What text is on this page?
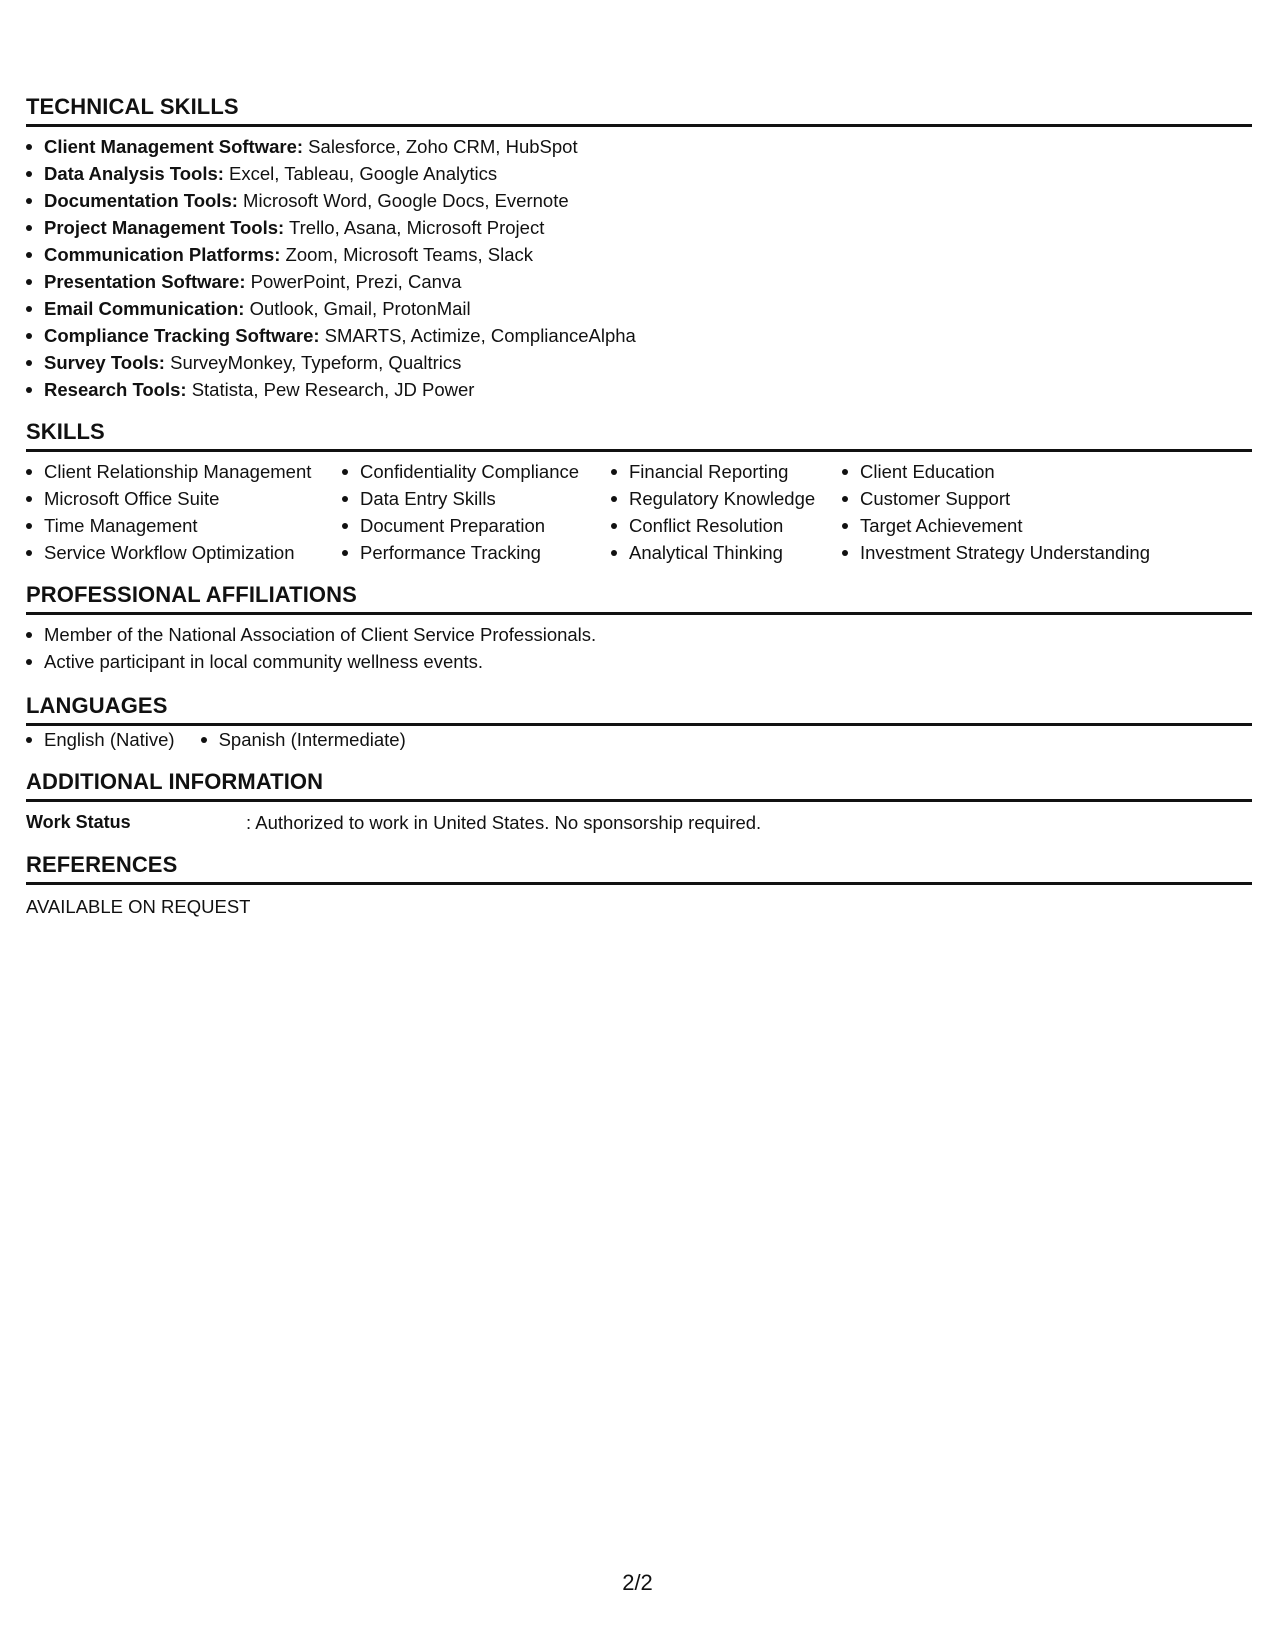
TECHNICAL SKILLS
Client Management Software: Salesforce, Zoho CRM, HubSpot
Data Analysis Tools: Excel, Tableau, Google Analytics
Documentation Tools: Microsoft Word, Google Docs, Evernote
Project Management Tools: Trello, Asana, Microsoft Project
Communication Platforms: Zoom, Microsoft Teams, Slack
Presentation Software: PowerPoint, Prezi, Canva
Email Communication: Outlook, Gmail, ProtonMail
Compliance Tracking Software: SMARTS, Actimize, ComplianceAlpha
Survey Tools: SurveyMonkey, Typeform, Qualtrics
Research Tools: Statista, Pew Research, JD Power
SKILLS
Client Relationship Management
Microsoft Office Suite
Time Management
Service Workflow Optimization
Confidentiality Compliance
Data Entry Skills
Document Preparation
Performance Tracking
Financial Reporting
Regulatory Knowledge
Conflict Resolution
Analytical Thinking
Client Education
Customer Support
Target Achievement
Investment Strategy Understanding
PROFESSIONAL AFFILIATIONS
Member of the National Association of Client Service Professionals.
Active participant in local community wellness events.
LANGUAGES
English (Native)	Spanish (Intermediate)
ADDITIONAL INFORMATION
Work Status	: Authorized to work in United States. No sponsorship required.
REFERENCES
AVAILABLE ON REQUEST
2/2
